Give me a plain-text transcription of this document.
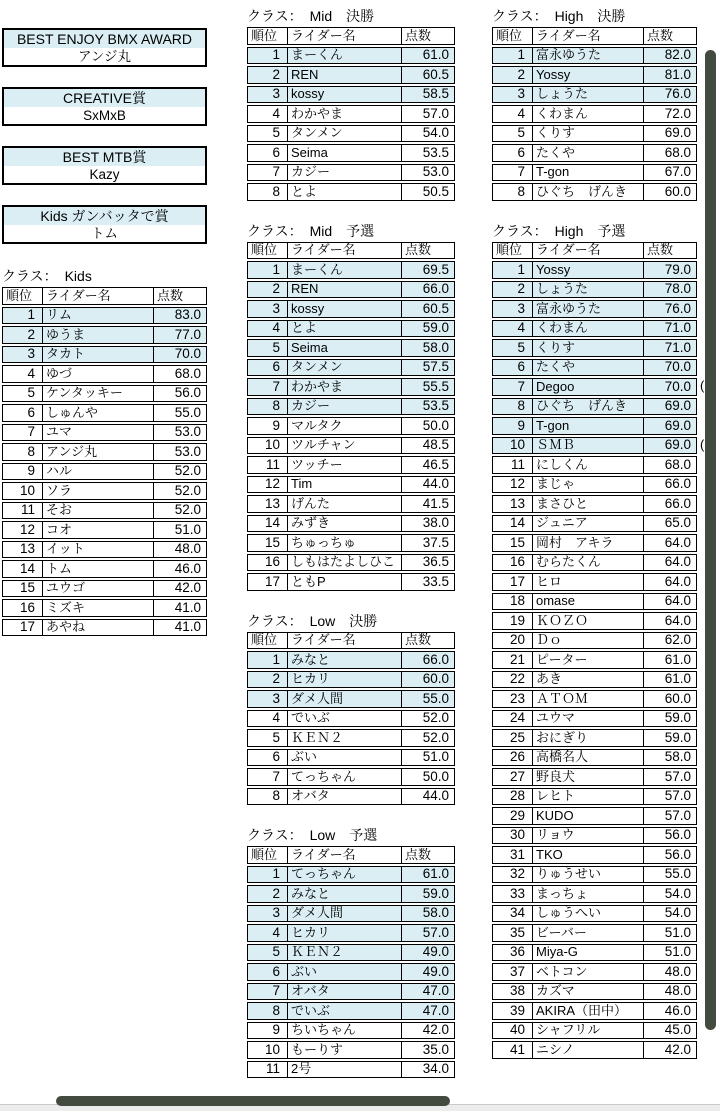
BEST ENJOY BMX AWARD
アンジ丸
CREATIVE賞
SxMxB
BEST MTB賞
Kazy
Kids ガンバッタで賞
トム
クラス：　Kids
順位	ライダー名	点数
1 リム	83.0
2 ゆうま	77.0
3 タカト	70.0
4 ゆづ	68.0
5 ケンタッキー	56.0
6 しゅんや	55.0
7 ユマ	53.0
8 アンジ丸	53.0
9 ハル	52.0
10 ソラ	52.0
11 そお	52.0
12 コオ	51.0
13 イット	48.0
14 トム	46.0
15 ユウゴ	42.0
16 ミズキ	41.0
17 あやね	41.0
クラス：　Mid　決勝
順位	ライダー名	点数
1 まーくん	61.0
2 REN	60.5
3 kossy	58.5
4 わかやま	57.0
5 タンメン	54.0
6 Seima	53.5
7 カジー	53.0
8 とよ	50.5
クラス：　Mid　予選
順位	ライダー名	点数
1 まーくん	69.5
2 REN	66.0
3 kossy	60.5
4 とよ	59.0
5 Seima	58.0
6 タンメン	57.5
7 わかやま	55.5
8 カジー	53.5
9 マルタク	50.0
10 ツルチャン	48.5
11 ツッチー	46.5
12 Tim	44.0
13 げんた	41.5
14 みずき	38.0
15 ちゅっちゅ	37.5
16 しもはたよしひこ	36.5
17 ともP	33.5
クラス：　Low　決勝
順位	ライダー名	点数
1 みなと	66.0
2 ヒカリ	60.0
3 ダメ人間	55.0
4 でいぶ	52.0
5 ＫＥＮ２	52.0
6 ぶい	51.0
7 てっちゃん	50.0
8 オバタ	44.0
クラス：　Low　予選
順位	ライダー名	点数
1 てっちゃん	61.0
2 みなと	59.0
3 ダメ人間	58.0
4 ヒカリ	57.0
5 ＫＥＮ２	49.0
6 ぶい	49.0
7 オバタ	47.0
8 でいぶ	47.0
9 ちいちゃん	42.0
10 もーりす	35.0
11 2号	34.0
クラス：　High　決勝
順位	ライダー名	点数
1 富永ゆうた	82.0
2 Yossy	81.0
3 しょうた	76.0
4 くわまん	72.0
5 くりす	69.0
6 たくや	68.0
7 T-gon	67.0
8 ひぐち　げんき	60.0
クラス：　High　予選
順位	ライダー名	点数
1 Yossy	79.0
2 しょうた	78.0
3 富永ゆうた	76.0
4 くわまん	71.0
5 くりす	71.0
6 たくや	70.0
7 Degoo	70.0 (
8 ひぐち　げんき	69.0
9 T-gon	69.0
10 ＳＭＢ	69.0 (
11 にしくん	68.0
12 まじゃ	66.0
13 まさひと	66.0
14 ジュニア	65.0
15 岡村　アキラ	64.0
16 むらたくん	64.0
17 ヒロ	64.0
18 omase	64.0
19 ＫＯＺＯ	64.0
20 Ｄｏ	62.0
21 ピーター	61.0
22 あき	61.0
23 ＡＴＯＭ	60.0
24 ユウマ	59.0
25 おにぎり	59.0
26 高橋名人	58.0
27 野良犬	57.0
28 レヒト	57.0
29 KUDO	57.0
30 リョウ	56.0
31 TKO	56.0
32 りゅうせい	55.0
33 まっちょ	54.0
34 しゅうへい	54.0
35 ビーバー	51.0
36 Miya-G	51.0
37 ベトコン	48.0
38 カズマ	48.0
39 AKIRA（田中）	46.0
40 シャフリル	45.0
41 ニシノ	42.0
